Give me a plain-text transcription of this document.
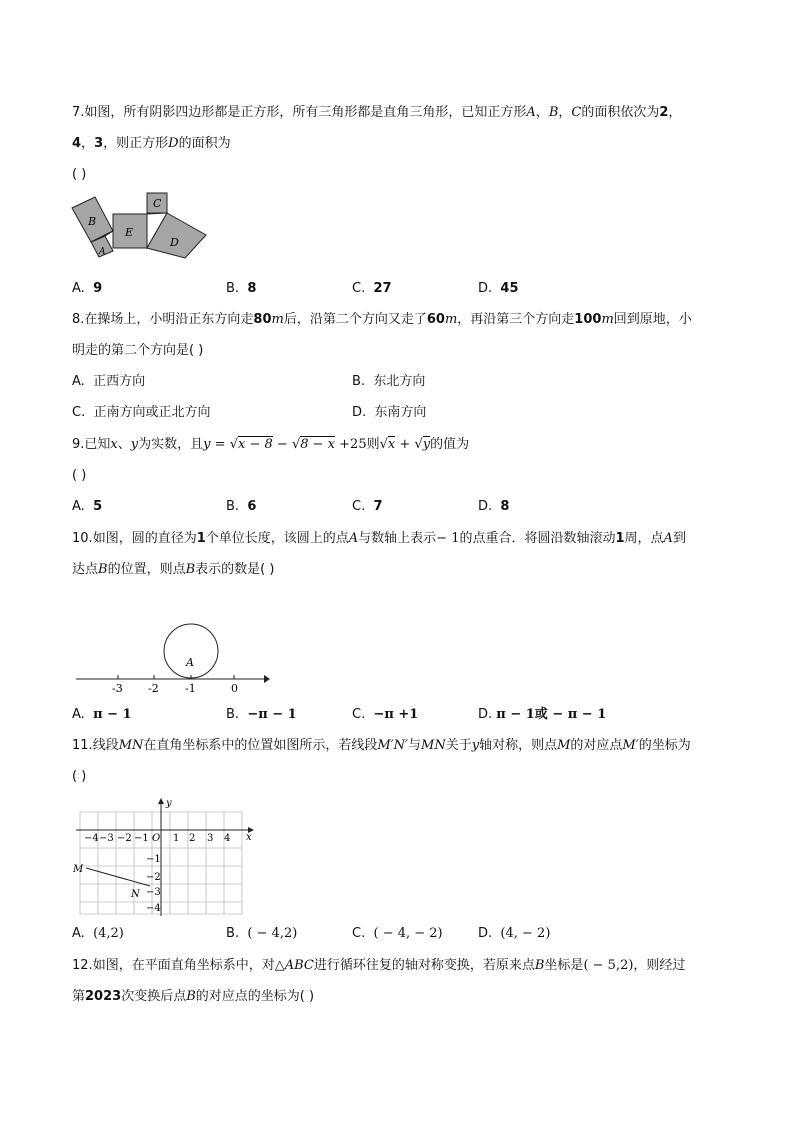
7.如图，所有阴影四边形都是正方形，所有三角形都是直角三角形，已知正方形A，B，C的面积依次为2，
4，3，则正方形D的面积为
( )
B
A
E
C
D
A. 9	B. 8	C. 27	D. 45
8.在操场上，小明沿正东方向走80m后，沿第二个方向又走了60m，再沿第三个方向走100m回到原地，小
明走的第二个方向是( )
A. 正西方向	B. 东北方向
C. 正南方向或正北方向	D. 东南方向
9.已知x、y为实数，且y = √x − 8 − √8 − x +25则√x + √y的值为
( )
A. 5	B. 6	C. 7	D. 8
10.如图，圆的直径为1个单位长度，该圆上的点A与数轴上表示− 1的点重合．将圆沿数轴滚动1周，点A到
达点B的位置，则点B表示的数是( )
A
-3 -2 -1	0
A. π − 1	B. −π − 1	C. −π +1	D. π − 1或 − π − 1
11.线段MN在直角坐标系中的位置如图所示，若线段M′N′与MN关于y轴对称，则点M的对应点M′的坐标为
( )
x
y
−4 −3 −2 −1 O 1 2 3 4
−1
−2
−3
−4
M
N
A. (4,2)	B. ( − 4,2)	C. ( − 4, − 2)	D. (4, − 2)
12.如图，在平面直角坐标系中，对△ABC进行循环往复的轴对称变换，若原来点B坐标是( − 5,2)，则经过
第2023次变换后点B的对应点的坐标为( )
